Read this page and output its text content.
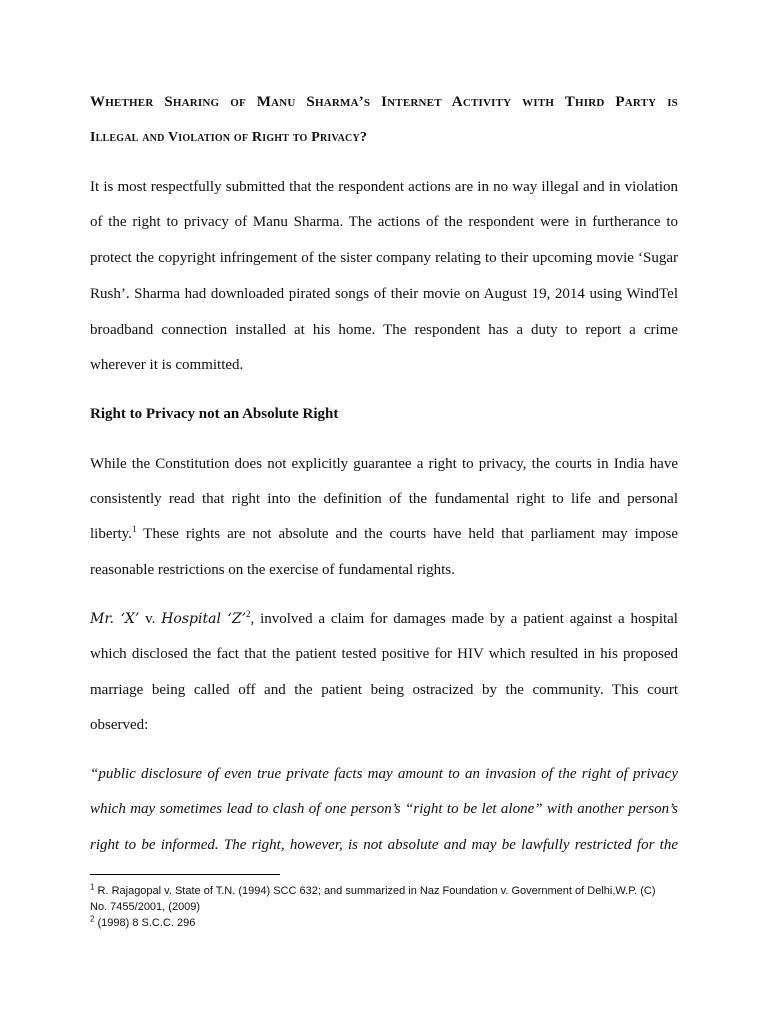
Whether Sharing of Manu Sharma’s Internet Activity with Third Party is
Illegal and Violation of Right to Privacy?
It is most respectfully submitted that the respondent actions are in no way illegal and in violation
of the right to privacy of Manu Sharma. The actions of the respondent were in furtherance to
protect the copyright infringement of the sister company relating to their upcoming movie ‘Sugar
Rush’. Sharma had downloaded pirated songs of their movie on August 19, 2014 using WindTel
broadband connection installed at his home. The respondent has a duty to report a crime
wherever it is committed.
Right to Privacy not an Absolute Right
While the Constitution does not explicitly guarantee a right to privacy, the courts in India have
consistently read that right into the definition of the fundamental right to life and personal
liberty.$^1$ These rights are not absolute and the courts have held that parliament may impose
reasonable restrictions on the exercise of fundamental rights.
Mr. ‘X’ v. Hospital ‘Z’$^2$, involved a claim for damages made by a patient against a hospital
which disclosed the fact that the patient tested positive for HIV which resulted in his proposed
marriage being called off and the patient being ostracized by the community. This court
observed:
“public disclosure of even true private facts may amount to an invasion of the right of privacy
which may sometimes lead to clash of one person’s “right to be let alone” with another person’s
right to be informed. The right, however, is not absolute and may be lawfully restricted for the
$^1$ R. Rajagopal v. State of T.N. (1994) SCC 632; and summarized in Naz Foundation v. Government of Delhi,W.P. (C)
No. 7455/2001, (2009)
$^2$ (1998) 8 S.C.C. 296
